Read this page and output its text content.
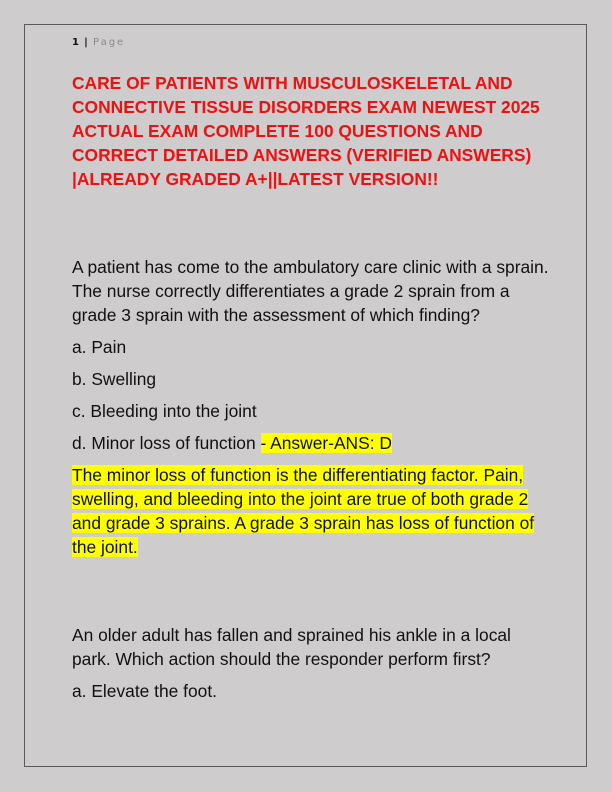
1 | Page
CARE OF PATIENTS WITH MUSCULOSKELETAL AND CONNECTIVE TISSUE DISORDERS EXAM NEWEST 2025 ACTUAL EXAM COMPLETE 100 QUESTIONS AND CORRECT DETAILED ANSWERS (VERIFIED ANSWERS) |ALREADY GRADED A+||LATEST VERSION!!

A patient has come to the ambulatory care clinic with a sprain. The nurse correctly differentiates a grade 2 sprain from a grade 3 sprain with the assessment of which finding?

a. Pain

b. Swelling

c. Bleeding into the joint

d. Minor loss of function - Answer-ANS: D

The minor loss of function is the differentiating factor. Pain, swelling, and bleeding into the joint are true of both grade 2 and grade 3 sprains. A grade 3 sprain has loss of function of the joint.

An older adult has fallen and sprained his ankle in a local park. Which action should the responder perform first?

a. Elevate the foot.
